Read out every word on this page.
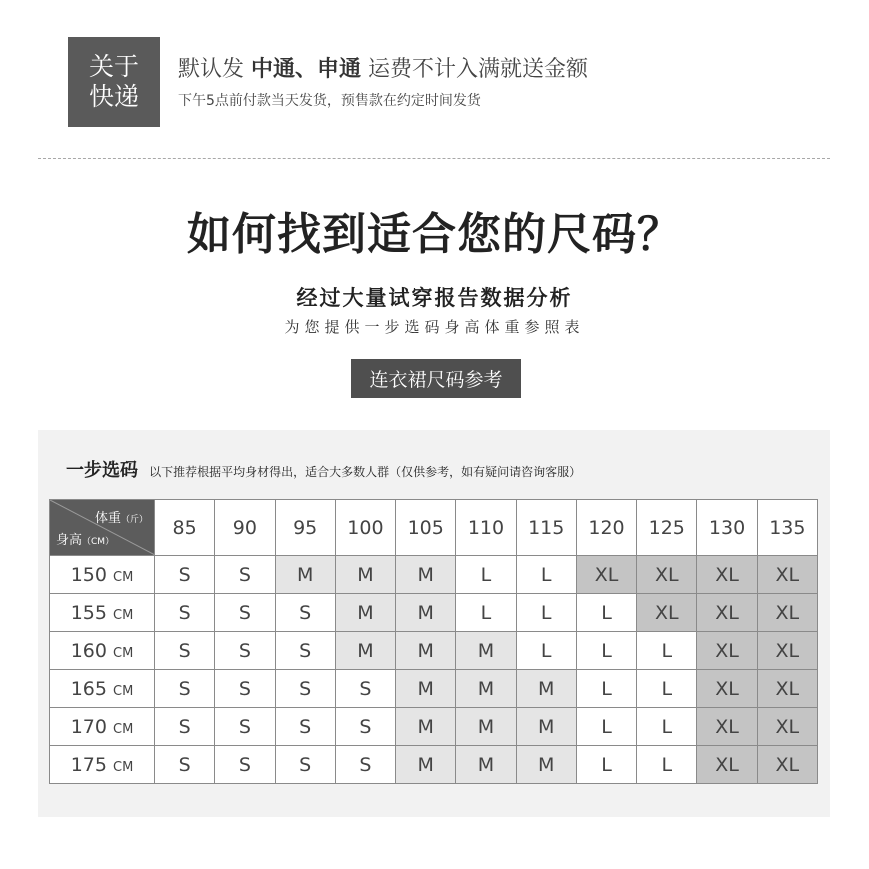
关于
快递
默认发 中通、申通 运费不计入满就送金额
下午5点前付款当天发货，预售款在约定时间发货
如何找到适合您的尺码？
经过大量试穿报告数据分析
为您提供一步选码身高体重参照表
连衣裙尺码参考
一步选码 以下推荐根据平均身材得出，适合大多数人群（仅供参考，如有疑问请咨询客服）
体重（斤）
身高（CM）	85	90	95	100	105	110	115	120	125	130	135
150 CM	S	S	M	M	M	L	L	XL	XL	XL	XL
155 CM	S	S	S	M	M	L	L	L	XL	XL	XL
160 CM	S	S	S	M	M	M	L	L	L	XL	XL
165 CM	S	S	S	S	M	M	M	L	L	XL	XL
170 CM	S	S	S	S	M	M	M	L	L	XL	XL
175 CM	S	S	S	S	M	M	M	L	L	XL	XL
